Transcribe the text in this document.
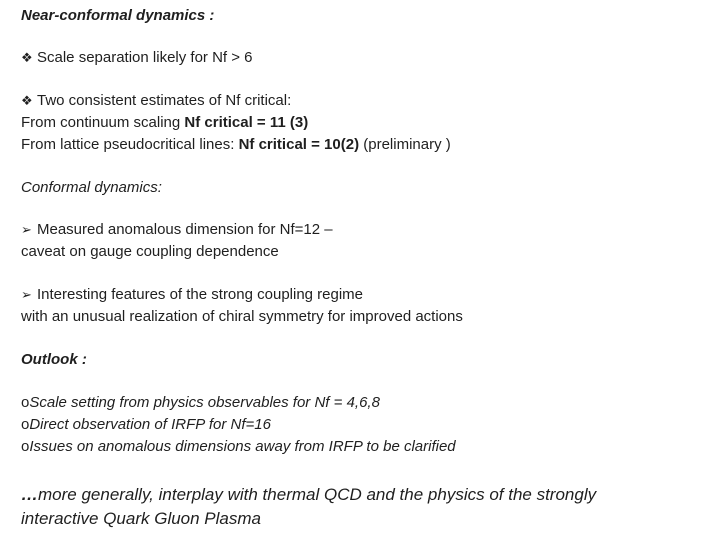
Near-conformal dynamics :
❖ Scale separation likely for Nf > 6
❖ Two consistent estimates of Nf critical:
From continuum scaling Nf critical = 11 (3)
From lattice pseudocritical lines: Nf critical = 10(2) (preliminary )
Conformal dynamics:
➢ Measured anomalous dimension for Nf=12 –
caveat on gauge coupling dependence
➢ Interesting features of the strong coupling regime
with an unusual realization of chiral symmetry for improved actions
Outlook :
oScale setting from physics observables for Nf = 4,6,8
oDirect observation of IRFP for Nf=16
oIssues on anomalous dimensions away from IRFP to be clarified
…more generally, interplay with thermal QCD and the physics of the strongly
interactive Quark Gluon Plasma
